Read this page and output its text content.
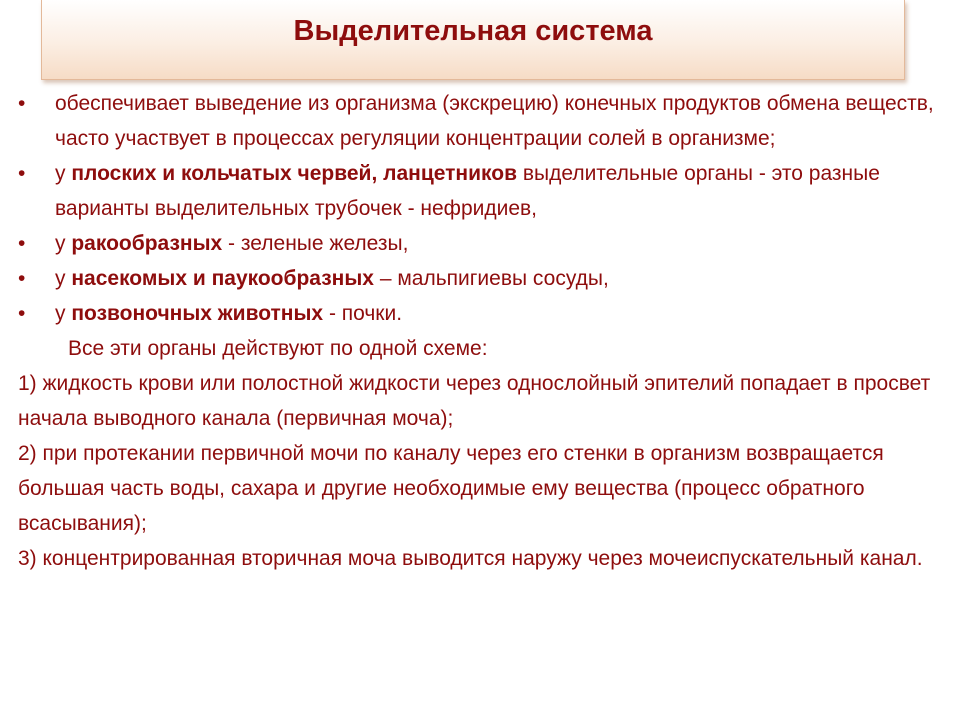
Выделительная система
• обеспечивает выведение из организма (экскрецию) конечных продуктов обмена веществ, часто участвует в процессах регуляции концентрации солей в организме;
• у плоских и кольчатых червей, ланцетников выделительные органы - это разные варианты выделительных трубочек - нефридиев,
• у ракообразных - зеленые железы,
• у насекомых и паукообразных – мальпигиевы сосуды,
• у позвоночных животных - почки.
Все эти органы действуют по одной схеме:

1) жидкость крови или полостной жидкости через однослойный эпителий попадает в просвет начала выводного канала (первичная моча);

2) при протекании первичной мочи по каналу через его стенки в организм возвращается большая часть воды, сахара и другие необходимые ему вещества (процесс обратного всасывания);

3) концентрированная вторичная моча выводится наружу через мочеиспускательный канал.
